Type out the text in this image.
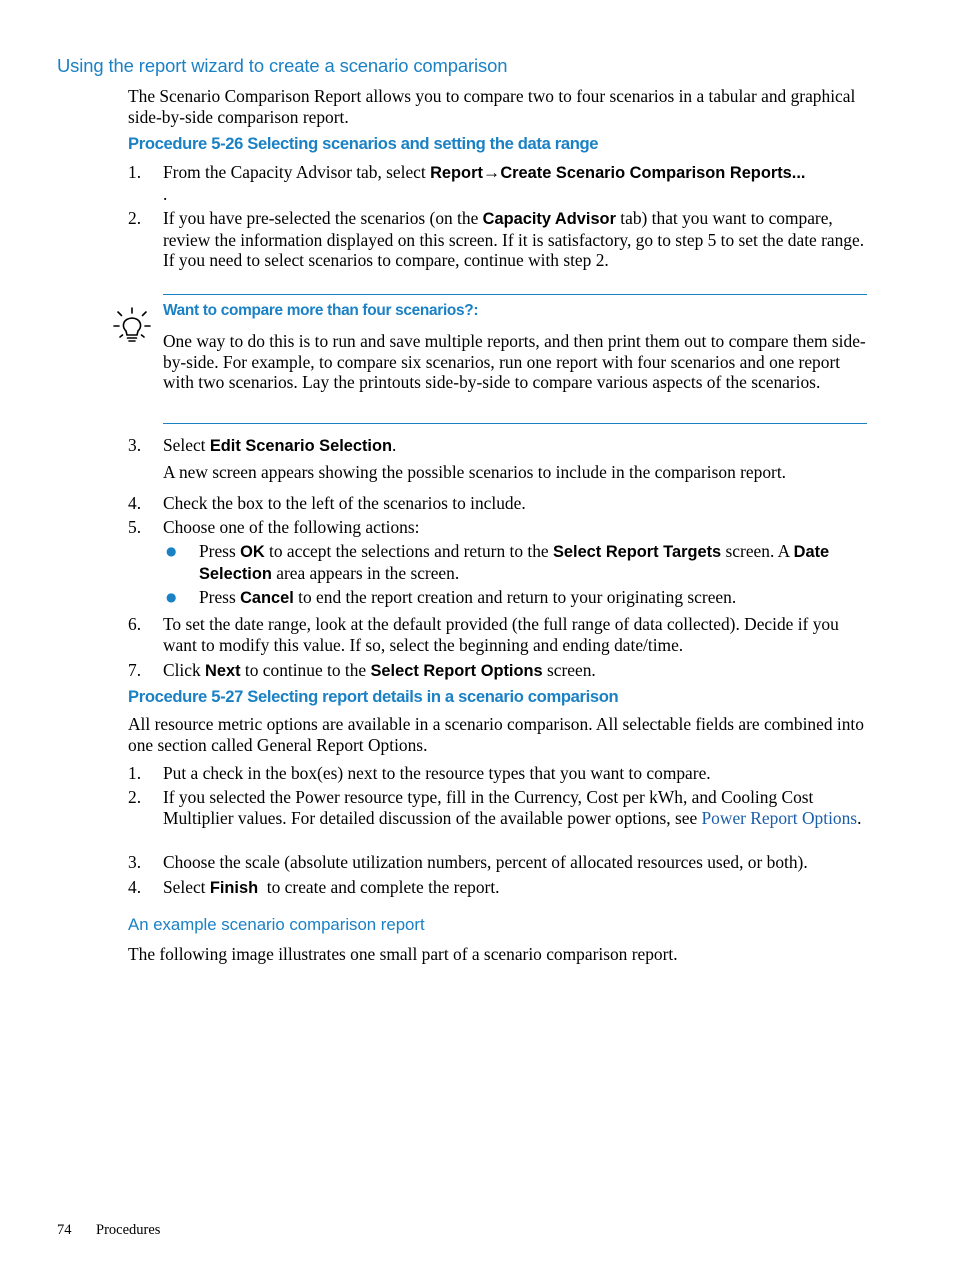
Using the report wizard to create a scenario comparison

The Scenario Comparison Report allows you to compare two to four scenarios in a tabular and graphical side-by-side comparison report.

Procedure 5-26 Selecting scenarios and setting the data range
1. From the Capacity Advisor tab, select Report→Create Scenario Comparison Reports...
.

2. If you have pre-selected the scenarios (on the Capacity Advisor tab) that you want to compare, review the information displayed on this screen. If it is satisfactory, go to step 5 to set the date range. If you need to select scenarios to compare, continue with step 2.

Want to compare more than four scenarios?:

One way to do this is to run and save multiple reports, and then print them out to compare them side-by-side. For example, to compare six scenarios, run one report with four scenarios and one report with two scenarios. Lay the printouts side-by-side to compare various aspects of the scenarios.

3. Select Edit Scenario Selection.

A new screen appears showing the possible scenarios to include in the comparison report.

4. Check the box to the left of the scenarios to include.

5. Choose one of the following actions:

● Press OK to accept the selections and return to the Select Report Targets screen. A Date Selection area appears in the screen.

● Press Cancel to end the report creation and return to your originating screen.

6. To set the date range, look at the default provided (the full range of data collected). Decide if you want to modify this value. If so, select the beginning and ending date/time.

7. Click Next to continue to the Select Report Options screen.

Procedure 5-27 Selecting report details in a scenario comparison

All resource metric options are available in a scenario comparison. All selectable fields are combined into one section called General Report Options.

1. Put a check in the box(es) next to the resource types that you want to compare.

2. If you selected the Power resource type, fill in the Currency, Cost per kWh, and Cooling Cost Multiplier values. For detailed discussion of the available power options, see Power Report Options.

3. Choose the scale (absolute utilization numbers, percent of allocated resources used, or both).

4. Select Finish  to create and complete the report.

An example scenario comparison report

The following image illustrates one small part of a scenario comparison report.

74 Procedures
